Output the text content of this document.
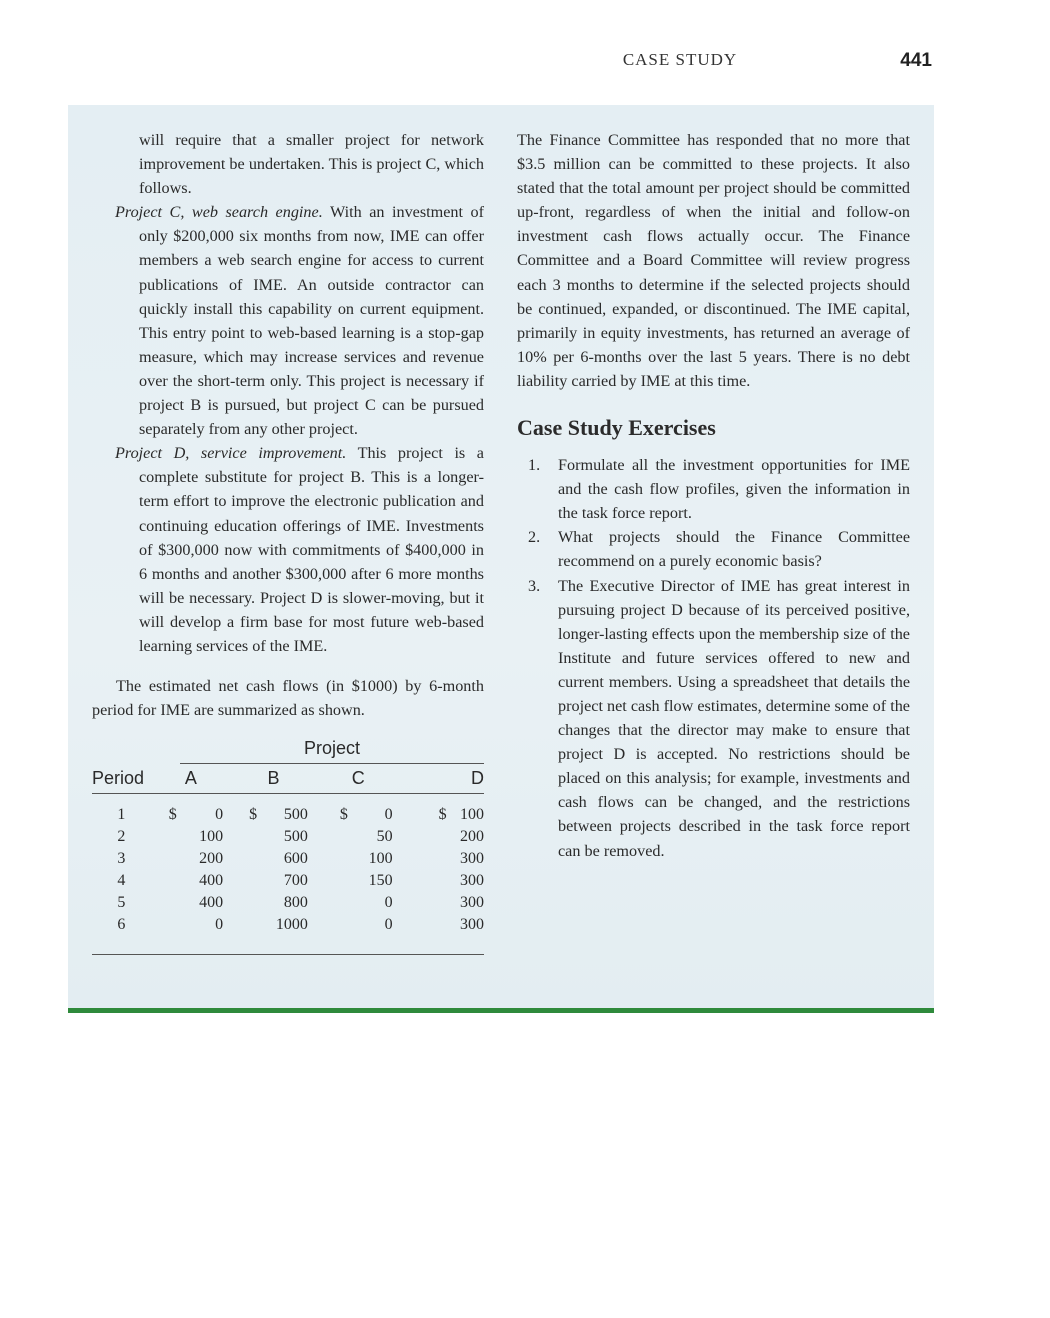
CASE STUDY	441

will require that a smaller project for network improvement be undertaken. This is project C, which follows.

Project C, web search engine. With an investment of only $200,000 six months from now, IME can offer members a web search engine for access to current publications of IME. An outside contractor can quickly install this capability on current equipment. This entry point to web-based learning is a stop-gap measure, which may increase services and revenue over the short-term only. This project is necessary if project B is pursued, but project C can be pursued separately from any other project.

Project D, service improvement. This project is a complete substitute for project B. This is a longer-term effort to improve the electronic publication and continuing education offerings of IME. Investments of $300,000 now with commitments of $400,000 in 6 months and another $300,000 after 6 more months will be necessary. Project D is slower-moving, but it will develop a firm base for most future web-based learning services of the IME.

The estimated net cash flows (in $1000) by 6-month period for IME are summarized as shown.

Project
Period	A	B	C	D
1	$ 0	$ 500	$ 0	$ 100

2	100	500	50	200
3	200	600	100	300
4	400	700	150	300
5	400	800	0	300
6	0	1000	0	300

The Finance Committee has responded that no more that $3.5 million can be committed to these projects. It also stated that the total amount per project should be committed up-front, regardless of when the initial and follow-on investment cash flows actually occur. The Finance Committee and a Board Committee will review progress each 3 months to determine if the selected projects should be continued, expanded, or discontinued. The IME capital, primarily in equity investments, has returned an average of 10% per 6-months over the last 5 years. There is no debt liability carried by IME at this time.

Case Study Exercises
1. Formulate all the investment opportunities for IME and the cash flow profiles, given the information in the task force report.
2. What projects should the Finance Committee recommend on a purely economic basis?
3. The Executive Director of IME has great interest in pursuing project D because of its perceived positive, longer-lasting effects upon the membership size of the Institute and future services offered to new and current members. Using a spreadsheet that details the project net cash flow estimates, determine some of the changes that the director may make to ensure that project D is accepted. No restrictions should be placed on this analysis; for example, investments and cash flows can be changed, and the restrictions between projects described in the task force report can be removed.
